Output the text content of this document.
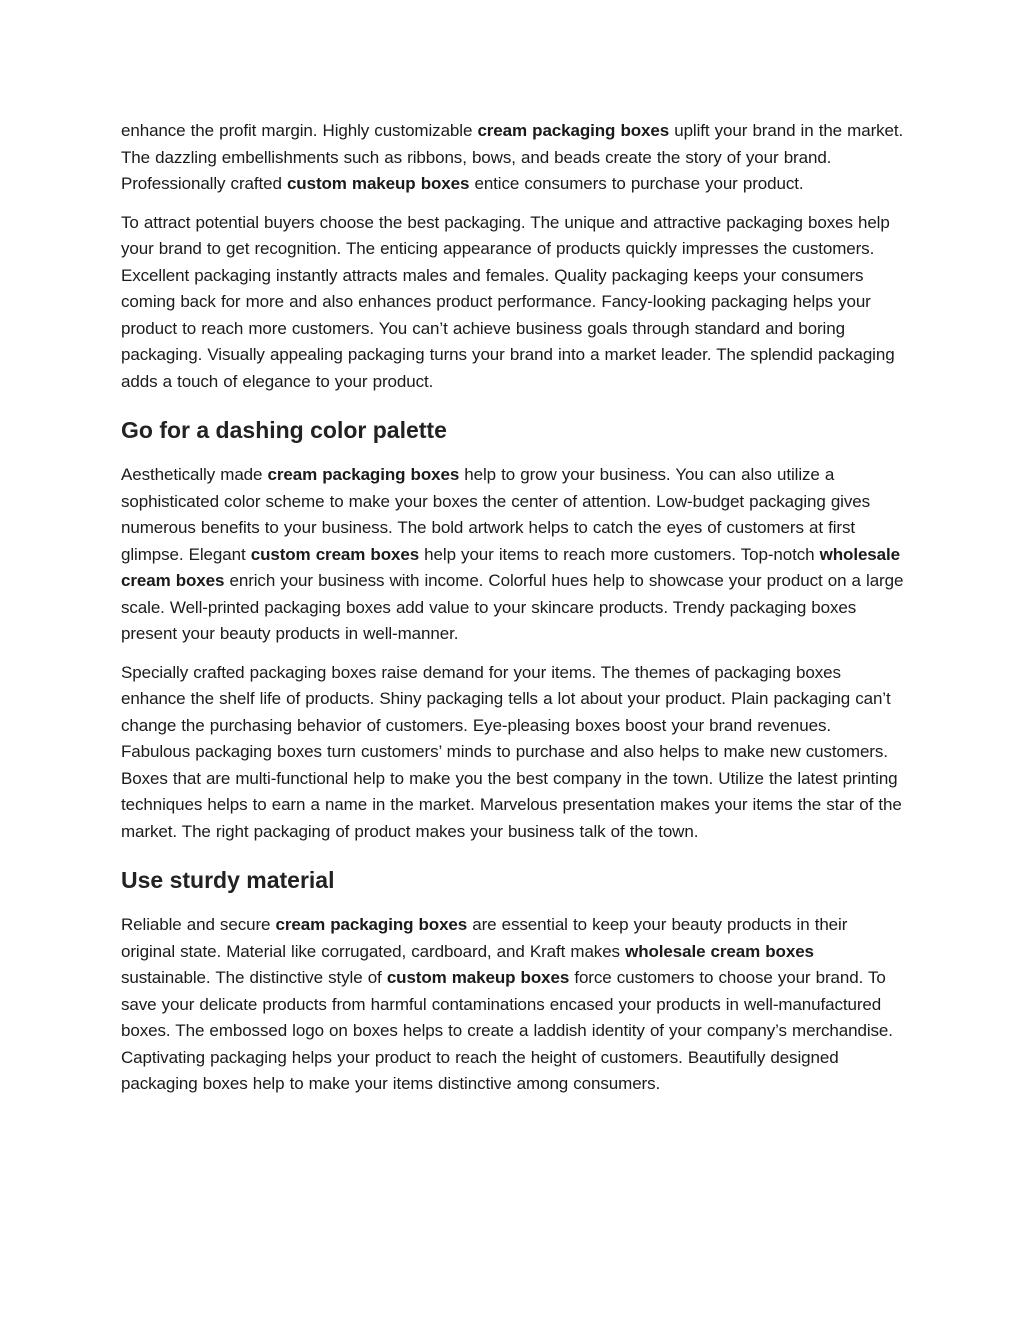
enhance the profit margin. Highly customizable cream packaging boxes uplift your brand in the market. The dazzling embellishments such as ribbons, bows, and beads create the story of your brand. Professionally crafted custom makeup boxes entice consumers to purchase your product.

To attract potential buyers choose the best packaging. The unique and attractive packaging boxes help your brand to get recognition. The enticing appearance of products quickly impresses the customers. Excellent packaging instantly attracts males and females. Quality packaging keeps your consumers coming back for more and also enhances product performance. Fancy-looking packaging helps your product to reach more customers. You can’t achieve business goals through standard and boring packaging. Visually appealing packaging turns your brand into a market leader. The splendid packaging adds a touch of elegance to your product.

Go for a dashing color palette

Aesthetically made cream packaging boxes help to grow your business. You can also utilize a sophisticated color scheme to make your boxes the center of attention. Low-budget packaging gives numerous benefits to your business. The bold artwork helps to catch the eyes of customers at first glimpse. Elegant custom cream boxes help your items to reach more customers. Top-notch wholesale cream boxes enrich your business with income. Colorful hues help to showcase your product on a large scale. Well-printed packaging boxes add value to your skincare products. Trendy packaging boxes present your beauty products in well-manner.

Specially crafted packaging boxes raise demand for your items. The themes of packaging boxes enhance the shelf life of products. Shiny packaging tells a lot about your product. Plain packaging can’t change the purchasing behavior of customers. Eye-pleasing boxes boost your brand revenues. Fabulous packaging boxes turn customers’ minds to purchase and also helps to make new customers. Boxes that are multi-functional help to make you the best company in the town. Utilize the latest printing techniques helps to earn a name in the market. Marvelous presentation makes your items the star of the market. The right packaging of product makes your business talk of the town.

Use sturdy material

Reliable and secure cream packaging boxes are essential to keep your beauty products in their original state. Material like corrugated, cardboard, and Kraft makes wholesale cream boxes sustainable. The distinctive style of custom makeup boxes force customers to choose your brand. To save your delicate products from harmful contaminations encased your products in well-manufactured boxes. The embossed logo on boxes helps to create a laddish identity of your company’s merchandise. Captivating packaging helps your product to reach the height of customers. Beautifully designed packaging boxes help to make your items distinctive among consumers.
